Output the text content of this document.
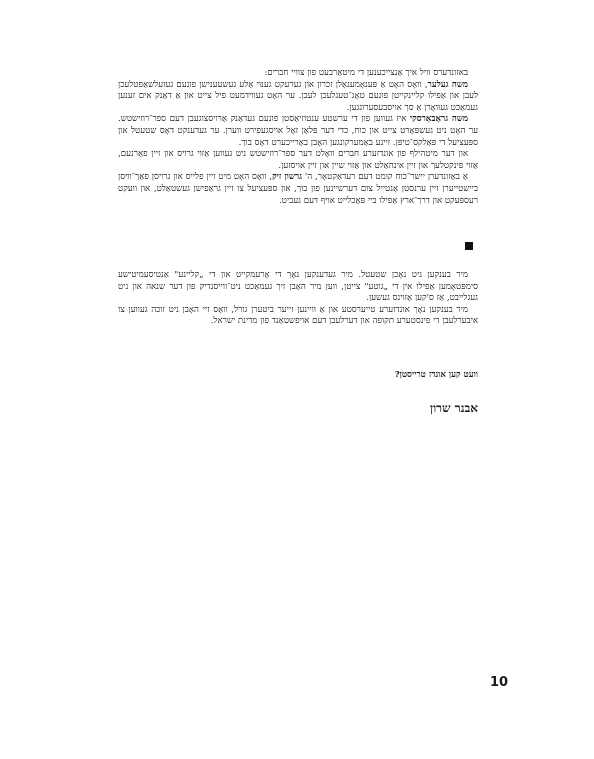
באזונדערס וויל איך אַנצייכענען די מיטאַרבעט פון צוויי חברים:

משה געלער, וואָס האָט אַ פּענאָמענאַלן זכרון און גערעקט גענוי אַלע געשעענישן פונעם געזעלשאַפטלעכן לעבן און אַפילו קליינקייטן פונעם טאָג־טעגלעכן לעבן. ער האָט געווידמעט פיל צייט און אַ דאַנק אים זענען געמאַכט געוואָרן אַ סך אויסבעסערונגען.

משה גראַבאַרסקי איז געווען פון די ערשטע ענטוזיאַסטן פונעם געדאַנק אַרויסצוגעבן דעם ספר־רוזישטש. ער האָט ניט געשפּאָרט צייט און כוח, כדי דער פּלאַן זאָל אויסגעפירט ווערן. ער געדענקט דאָס שטעטל און ספּעציעל די פּאַלקס־טיפּן. זיינע באַמערקונגען האָבן באַרייכערט דאָס בוך.

און דער מיטהילף פון אונדזערע חברים וואָלט דער ספר־רוזישטש ניט געווען אַזוי גרויס און זיין פאַרנעם, אַזוי פּינקטלעך און זיין אינהאַלט און אַזוי שיין און זיין אויסזען.

אַ באַזונדערן יישר־כוח קומט דעם רעדאַקטאָר, ה' גרשון זיק, וואָס האָט מיט זיין פלייס און גרויסן פאַך־וויסן ביישטייערן זיין ערנסטן אָנטייל צום דערשיינען פון בוך, און ספּעציעל צו זיין גראַפישן געשטאַלט, און וועקט רעספּעקט און דרך־ארץ אַפילו ביי פּאַכלייט אויף דעם געביט.

מיר בענקען ניט נאָכן שטעטל. מיר געדענקען נאָך די אָרעמקייט און די „קליינע" אַנטיסעמיטישע סימפּטאָמען אַפילו אין די „גוטע" צייטן, ווען מיר האָבן זיך געמאַכט ניט־ווייסנדיק פון דער שנאה און ניט געגלייבט, אַז ס'קען אַזוינס געשען.

מיר בענקען נאָך אונדזערע טייערסטע און אַ וויינען זייער ביטערן גורל, וואָס זיי האָבן ניט זוכה געווען צו איבערלעבן די פינסטערע תקופה און דערלעבן דעם אויפשטאַנד פון מדינת ישראל.

וועט קען אונדז טרייסטן?
אבנר שרון
10
